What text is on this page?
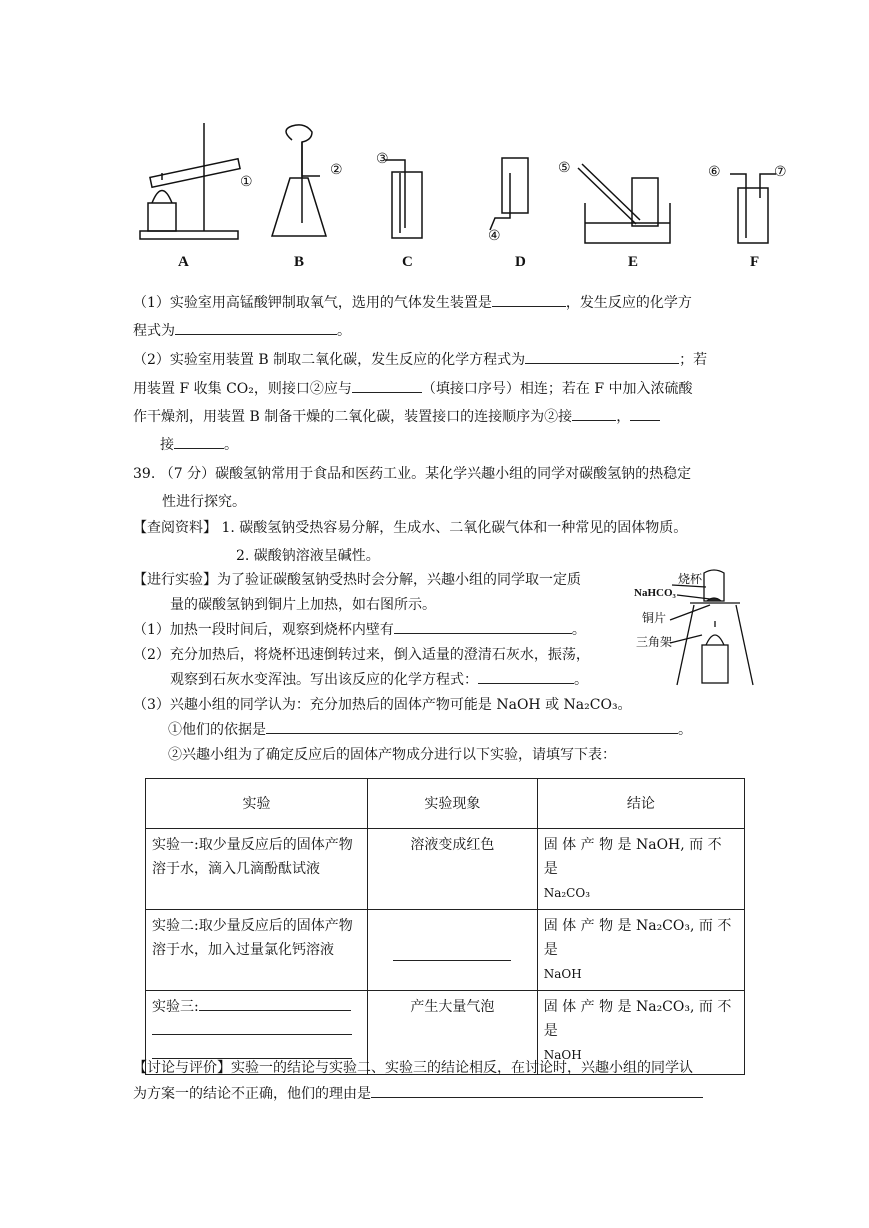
①
②
③
④
⑤	⑥	⑦
A	B	C	D	E	F
（1）实验室用高锰酸钾制取氧气，选用的气体发生装置是	，发生反应的化学方
程式为	。
（2）实验室用装置 B 制取二氧化碳，发生反应的化学方程式为	；若
用装置 F 收集 CO₂，则接口②应与	（填接口序号）相连；若在 F 中加入浓硫酸
作干燥剂，用装置 B 制备干燥的二氧化碳，装置接口的连接顺序为②接	，
接	。
39. （7 分）碳酸氢钠常用于食品和医药工业。某化学兴趣小组的同学对碳酸氢钠的热稳定
性进行探究。
【查阅资料】 1. 碳酸氢钠受热容易分解，生成水、二氧化碳气体和一种常见的固体物质。
2. 碳酸钠溶液呈碱性。
【进行实验】为了验证碳酸氢钠受热时会分解，兴趣小组的同学取一定质
量的碳酸氢钠到铜片上加热，如右图所示。
（1）加热一段时间后，观察到烧杯内壁有	。
（2）充分加热后，将烧杯迅速倒转过来，倒入适量的澄清石灰水，振荡，
观察到石灰水变浑浊。写出该反应的化学方程式：	。
（3）兴趣小组的同学认为：充分加热后的固体产物可能是 NaOH 或 Na₂CO₃。
①他们的依据是	。
②兴趣小组为了确定反应后的固体产物成分进行以下实验，请填写下表：
烧杯
NaHCO₃
铜片
三角架
实验	实验现象	结论
实验一:取少量反应后的固体产物溶于水，滴入几滴酚酞试液	溶液变成红色	固 体 产 物 是 NaOH, 而 不 是
Na₂CO₃

实验二:取少量反应后的固体产物溶于水，加入过量氯化钙溶液		固 体 产 物 是 Na₂CO₃, 而 不 是
NaOH

实验三:	产生大量气泡	固 体 产 物 是 Na₂CO₃, 而 不 是
NaOH
【讨论与评价】实验一的结论与实验二、实验三的结论相反，在讨论时，兴趣小组的同学认
为方案一的结论不正确，他们的理由是
